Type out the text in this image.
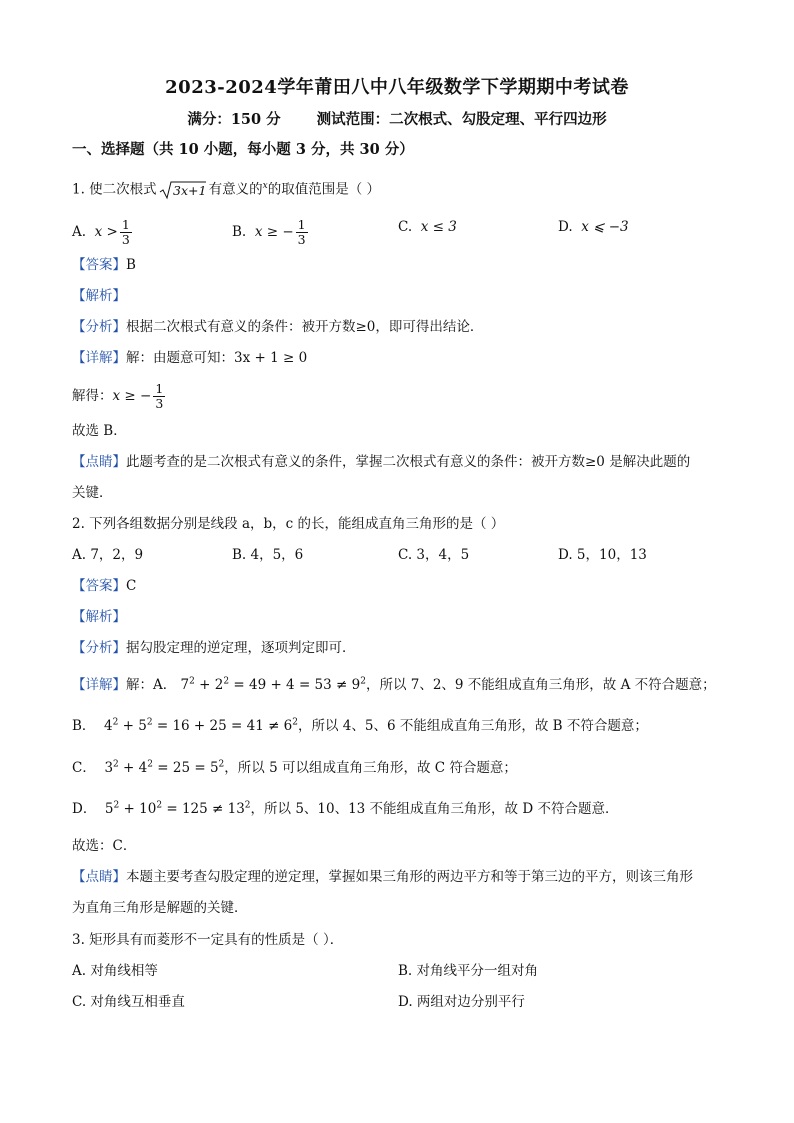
2023-2024学年莆田八中八年级数学下学期期中考试卷
满分：150 分 测试范围：二次根式、勾股定理、平行四边形
一、选择题（共 10 小题，每小题 3 分，共 30 分）
1. 使二次根式 3x+1 有意义的$^x$的取值范围是（ ）
A. $x > \frac{1}{3}$	B. x ≥ − $\frac{1}{3}$	C. x ≤ 3	D. x ⩽ −3
【答案】B
【解析】
【分析】根据二次根式有意义的条件：被开方数≥0，即可得出结论．
【详解】解：由题意可知：3x + 1 ≥ 0
解得：x ≥ − $\frac{1}{3}$
故选 B．
【点睛】此题考查的是二次根式有意义的条件，掌握二次根式有意义的条件：被开方数≥0 是解决此题的
关键．
2. 下列各组数据分别是线段 a，b，c 的长，能组成直角三角形的是（ ）
A. 7，2，9	B. 4，5，6	C. 3，4，5	D. 5，10，13
【答案】C
【解析】
【分析】据勾股定理的逆定理，逐项判定即可．
【详解】解：A． $7^2 + 2^2 = 49 + 4 = 53 \ne 9^2$，所以 7、2、9 不能组成直角三角形，故 A 不符合题意；
B． $4^2 + 5^2 = 16 + 25 = 41 \ne 6^2$，所以 4、5、6 不能组成直角三角形，故 B 不符合题意；
C． $3^2 + 4^2 = 25 = 5^2$，所以 5 可以组成直角三角形，故 C 符合题意；
D． $5^2 + 10^2 = 125 \ne 13^2$，所以 5、10、13 不能组成直角三角形，故 D 不符合题意．
故选：C．
【点睛】本题主要考查勾股定理的逆定理，掌握如果三角形的两边平方和等于第三边的平方，则该三角形
为直角三角形是解题的关键．
3. 矩形具有而菱形不一定具有的性质是（ ）．
A. 对角线相等	B. 对角线平分一组对角
C. 对角线互相垂直	D. 两组对边分别平行
